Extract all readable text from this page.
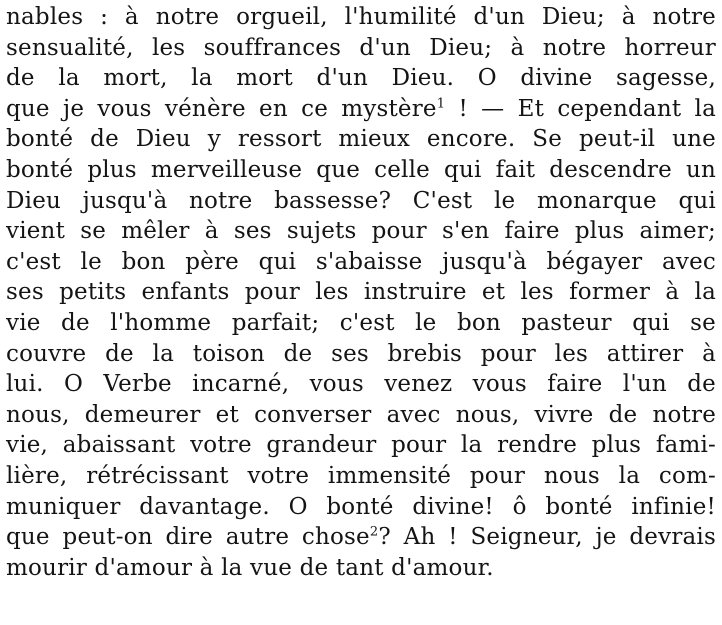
nables : à notre orgueil, l'humilité d'un Dieu; à notre
sensualité, les souffrances d'un Dieu; à notre horreur
de la mort, la mort d'un Dieu. O divine sagesse,
que je vous vénère en ce mystère$^1$ ! — Et cependant la
bonté de Dieu y ressort mieux encore. Se peut-il une
bonté plus merveilleuse que celle qui fait descendre un
Dieu jusqu'à notre bassesse? C'est le monarque qui
vient se mêler à ses sujets pour s'en faire plus aimer;
c'est le bon père qui s'abaisse jusqu'à bégayer avec
ses petits enfants pour les instruire et les former à la
vie de l'homme parfait; c'est le bon pasteur qui se
couvre de la toison de ses brebis pour les attirer à
lui. O Verbe incarné, vous venez vous faire l'un de
nous, demeurer et converser avec nous, vivre de notre
vie, abaissant votre grandeur pour la rendre plus fami-
lière, rétrécissant votre immensité pour nous la com-
muniquer davantage. O bonté divine! ô bonté infinie!
que peut-on dire autre chose$^2$? Ah ! Seigneur, je devrais
mourir d'amour à la vue de tant d'amour.
